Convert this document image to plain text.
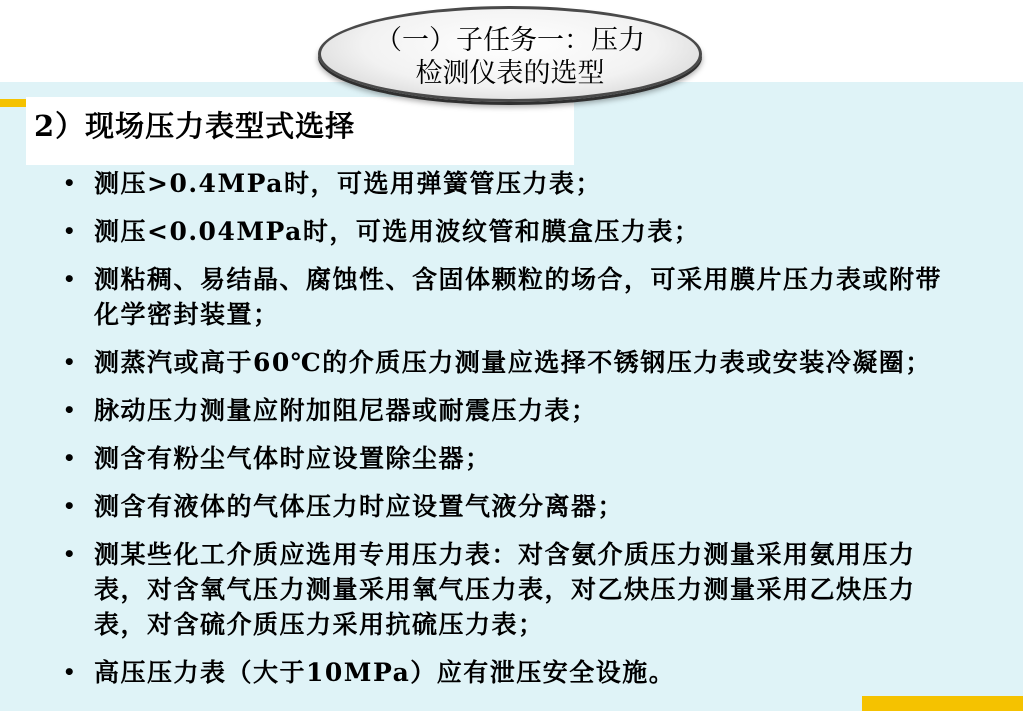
2）现场压力表型式选择
（一）子任务一：压力
检测仪表的选型
• 测压>0.4MPa时，可选用弹簧管压力表；
• 测压<0.04MPa时，可选用波纹管和膜盒压力表；
• 测粘稠、易结晶、腐蚀性、含固体颗粒的场合，可采用膜片压力表或附带化学密封装置；
• 测蒸汽或高于60℃的介质压力测量应选择不锈钢压力表或安装冷凝圈；
• 脉动压力测量应附加阻尼器或耐震压力表；
• 测含有粉尘气体时应设置除尘器；
• 测含有液体的气体压力时应设置气液分离器；
• 测某些化工介质应选用专用压力表：对含氨介质压力测量采用氨用压力表，对含氧气压力测量采用氧气压力表，对乙炔压力测量采用乙炔压力表，对含硫介质压力采用抗硫压力表；
• 高压压力表（大于10MPa）应有泄压安全设施。
